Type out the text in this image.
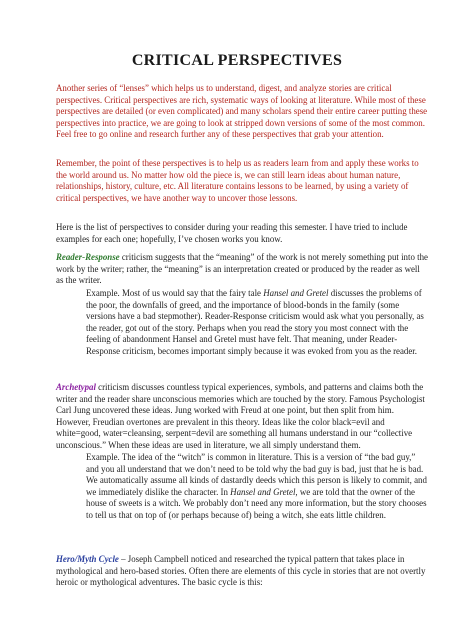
CRITICAL PERSPECTIVES

Another series of “lenses” which helps us to understand, digest, and analyze stories are critical perspectives. Critical perspectives are rich, systematic ways of looking at literature. While most of these perspectives are detailed (or even complicated) and many scholars spend their entire career putting these perspectives into practice, we are going to look at stripped down versions of some of the most common. Feel free to go online and research further any of these perspectives that grab your attention.

Remember, the point of these perspectives is to help us as readers learn from and apply these works to the world around us. No matter how old the piece is, we can still learn ideas about human nature, relationships, history, culture, etc. All literature contains lessons to be learned, by using a variety of critical perspectives, we have another way to uncover those lessons.

Here is the list of perspectives to consider during your reading this semester. I have tried to include examples for each one; hopefully, I’ve chosen works you know.

Reader-Response criticism suggests that the “meaning” of the work is not merely something put into the work by the writer; rather, the “meaning” is an interpretation created or produced by the reader as well as the writer.

Example. Most of us would say that the fairy tale Hansel and Gretel discusses the problems of the poor, the downfalls of greed, and the importance of blood-bonds in the family (some versions have a bad stepmother). Reader-Response criticism would ask what you personally, as the reader, got out of the story. Perhaps when you read the story you most connect with the feeling of abandonment Hansel and Gretel must have felt. That meaning, under Reader-Response criticism, becomes important simply because it was evoked from you as the reader.

Archetypal criticism discusses countless typical experiences, symbols, and patterns and claims both the writer and the reader share unconscious memories which are touched by the story. Famous Psychologist Carl Jung uncovered these ideas. Jung worked with Freud at one point, but then split from him. However, Freudian overtones are prevalent in this theory. Ideas like the color black=evil and white=good, water=cleansing, serpent=devil are something all humans understand in our “collective unconscious.” When these ideas are used in literature, we all simply understand them.

Example. The idea of the “witch” is common in literature. This is a version of “the bad guy,” and you all understand that we don’t need to be told why the bad guy is bad, just that he is bad. We automatically assume all kinds of dastardly deeds which this person is likely to commit, and we immediately dislike the character. In Hansel and Gretel, we are told that the owner of the house of sweets is a witch. We probably don’t need any more information, but the story chooses to tell us that on top of (or perhaps because of) being a witch, she eats little children.

Hero/Myth Cycle – Joseph Campbell noticed and researched the typical pattern that takes place in mythological and hero-based stories. Often there are elements of this cycle in stories that are not overtly heroic or mythological adventures. The basic cycle is this:
